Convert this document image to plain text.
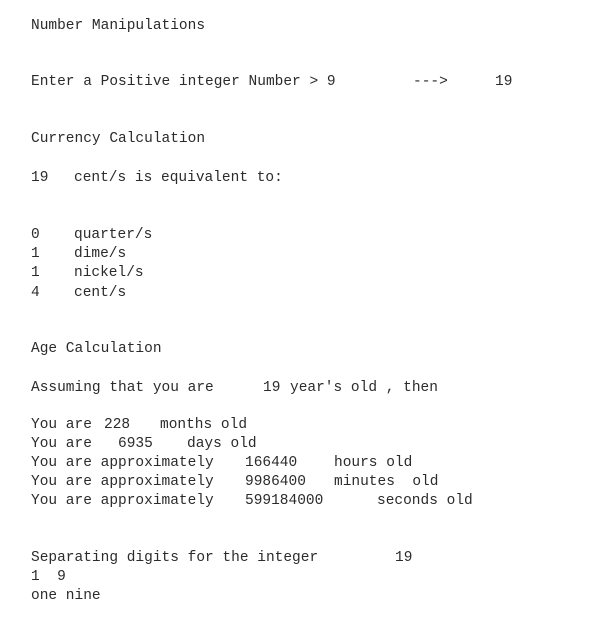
Number Manipulations
Enter a Positive integer Number > 9	--->	19
Currency Calculation
19 cent/s is equivalent to:
0 quarter/s
1 dime/s
1 nickel/s
4 cent/s
Age Calculation
Assuming that you are	19 year's old , then
You are 228 months old
You are 6935 days old
You are approximately 166440	hours old
You are approximately 9986400 minutes  old
You are approximately 599184000	seconds old
Separating digits for the integer	19
1  9
one nine
